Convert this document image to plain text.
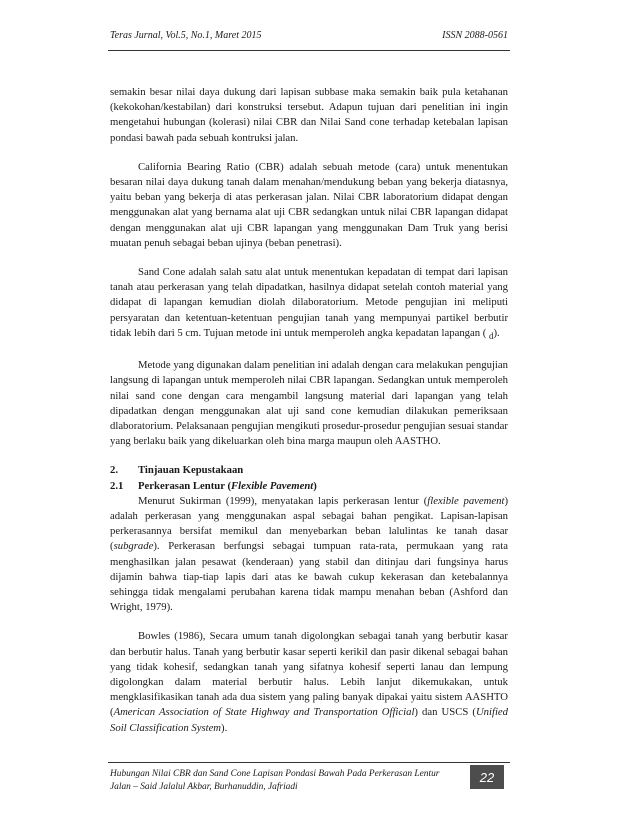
Teras Jurnal, Vol.5, No.1, Maret 2015	ISSN 2088-0561

semakin besar nilai daya dukung dari lapisan subbase maka semakin baik pula ketahanan (kekokohan/kestabilan) dari konstruksi tersebut. Adapun tujuan dari penelitian ini ingin mengetahui hubungan (kolerasi) nilai CBR dan Nilai Sand cone terhadap ketebalan lapisan pondasi bawah pada sebuah kontruksi jalan.

California Bearing Ratio (CBR) adalah sebuah metode (cara) untuk menentukan besaran nilai daya dukung tanah dalam menahan/mendukung beban yang bekerja diatasnya, yaitu beban yang bekerja di atas perkerasan jalan. Nilai CBR laboratorium didapat dengan menggunakan alat yang bernama alat uji CBR sedangkan untuk nilai CBR lapangan didapat dengan menggunakan alat uji CBR lapangan yang menggunakan Dam Truk yang berisi muatan penuh sebagai beban ujinya (beban penetrasi).

Sand Cone adalah salah satu alat untuk menentukan kepadatan di tempat dari lapisan tanah atau perkerasan yang telah dipadatkan, hasilnya didapat setelah contoh material yang didapat di lapangan kemudian diolah dilaboratorium. Metode pengujian ini meliputi persyaratan dan ketentuan-ketentuan pengujian tanah yang mempunyai partikel berbutir tidak lebih dari 5 cm. Tujuan metode ini untuk memperoleh angka kepadatan lapangan ( $_d$).

Metode yang digunakan dalam penelitian ini adalah dengan cara melakukan pengujian langsung di lapangan untuk memperoleh nilai CBR lapangan. Sedangkan untuk memperoleh nilai sand cone dengan cara mengambil langsung material dari lapangan yang telah dipadatkan dengan menggunakan alat uji sand cone kemudian dilakukan pemeriksaan dlaboratorium. Pelaksanaan pengujian mengikuti prosedur-prosedur pengujian sesuai standar yang berlaku baik yang dikeluarkan oleh bina marga maupun oleh AASTHO.

2.	Tinjauan Kepustakaan

2.1	Perkerasan Lentur (Flexible Pavement)

Menurut Sukirman (1999), menyatakan lapis perkerasan lentur (flexible pavement) adalah perkerasan yang menggunakan aspal sebagai bahan pengikat. Lapisan-lapisan perkerasannya bersifat memikul dan menyebarkan beban lalulintas ke tanah dasar (subgrade). Perkerasan berfungsi sebagai tumpuan rata-rata, permukaan yang rata menghasilkan jalan pesawat (kenderaan) yang stabil dan ditinjau dari fungsinya harus dijamin bahwa tiap-tiap lapis dari atas ke bawah cukup kekerasan dan ketebalannya sehingga tidak mengalami perubahan karena tidak mampu menahan beban (Ashford dan Wright, 1979).

Bowles (1986), Secara umum tanah digolongkan sebagai tanah yang berbutir kasar dan berbutir halus. Tanah yang berbutir kasar seperti kerikil dan pasir dikenal sebagai bahan yang tidak kohesif, sedangkan tanah yang sifatnya kohesif seperti lanau dan lempung digolongkan dalam material berbutir halus. Lebih lanjut dikemukakan, untuk mengklasifikasikan tanah ada dua sistem yang paling banyak dipakai yaitu sistem AASHTO (American Association of State Highway and Transportation Official) dan USCS (Unified Soil Classification System).

Hubungan Nilai CBR dan Sand Cone Lapisan Pondasi Bawah Pada Perkerasan Lentur
Jalan – Said Jalalul Akbar, Burhanuddin, Jafriadi
22
